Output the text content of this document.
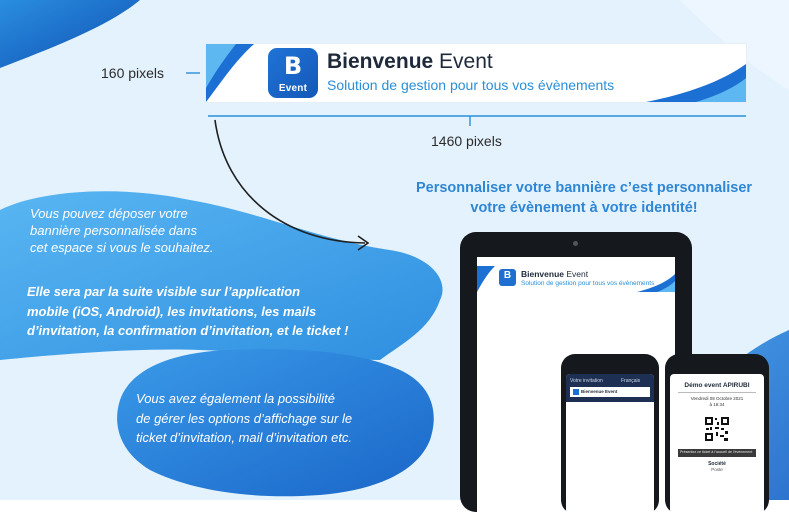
B
Event
Bienvenue Event
Solution de gestion pour tous vos évènements
160 pixels
1460 pixels
Personnaliser votre bannière c’est personnaliser
votre évènement à votre identité!
Vous pouvez déposer votre
bannière personnalisée dans
cet espace si vous le souhaitez.
Elle sera par la suite visible sur l’application
mobile (iOS, Android), les invitations, les mails
d’invitation, la confirmation d’invitation, et le ticket !
Vous avez également la possibilité
de gérer les options d’affichage sur le
ticket d’invitation, mail d’invitation etc.
B	Bienvenue Event
Solution de gestion pour tous vos évènements
Votre invitation	Français
Bienvenue Event
Démo event APIRUBI
Vendredi 08 Octobre 2021
à 16:34
Présentez ce ticket à l'accueil de l'événement
Société
Poste
